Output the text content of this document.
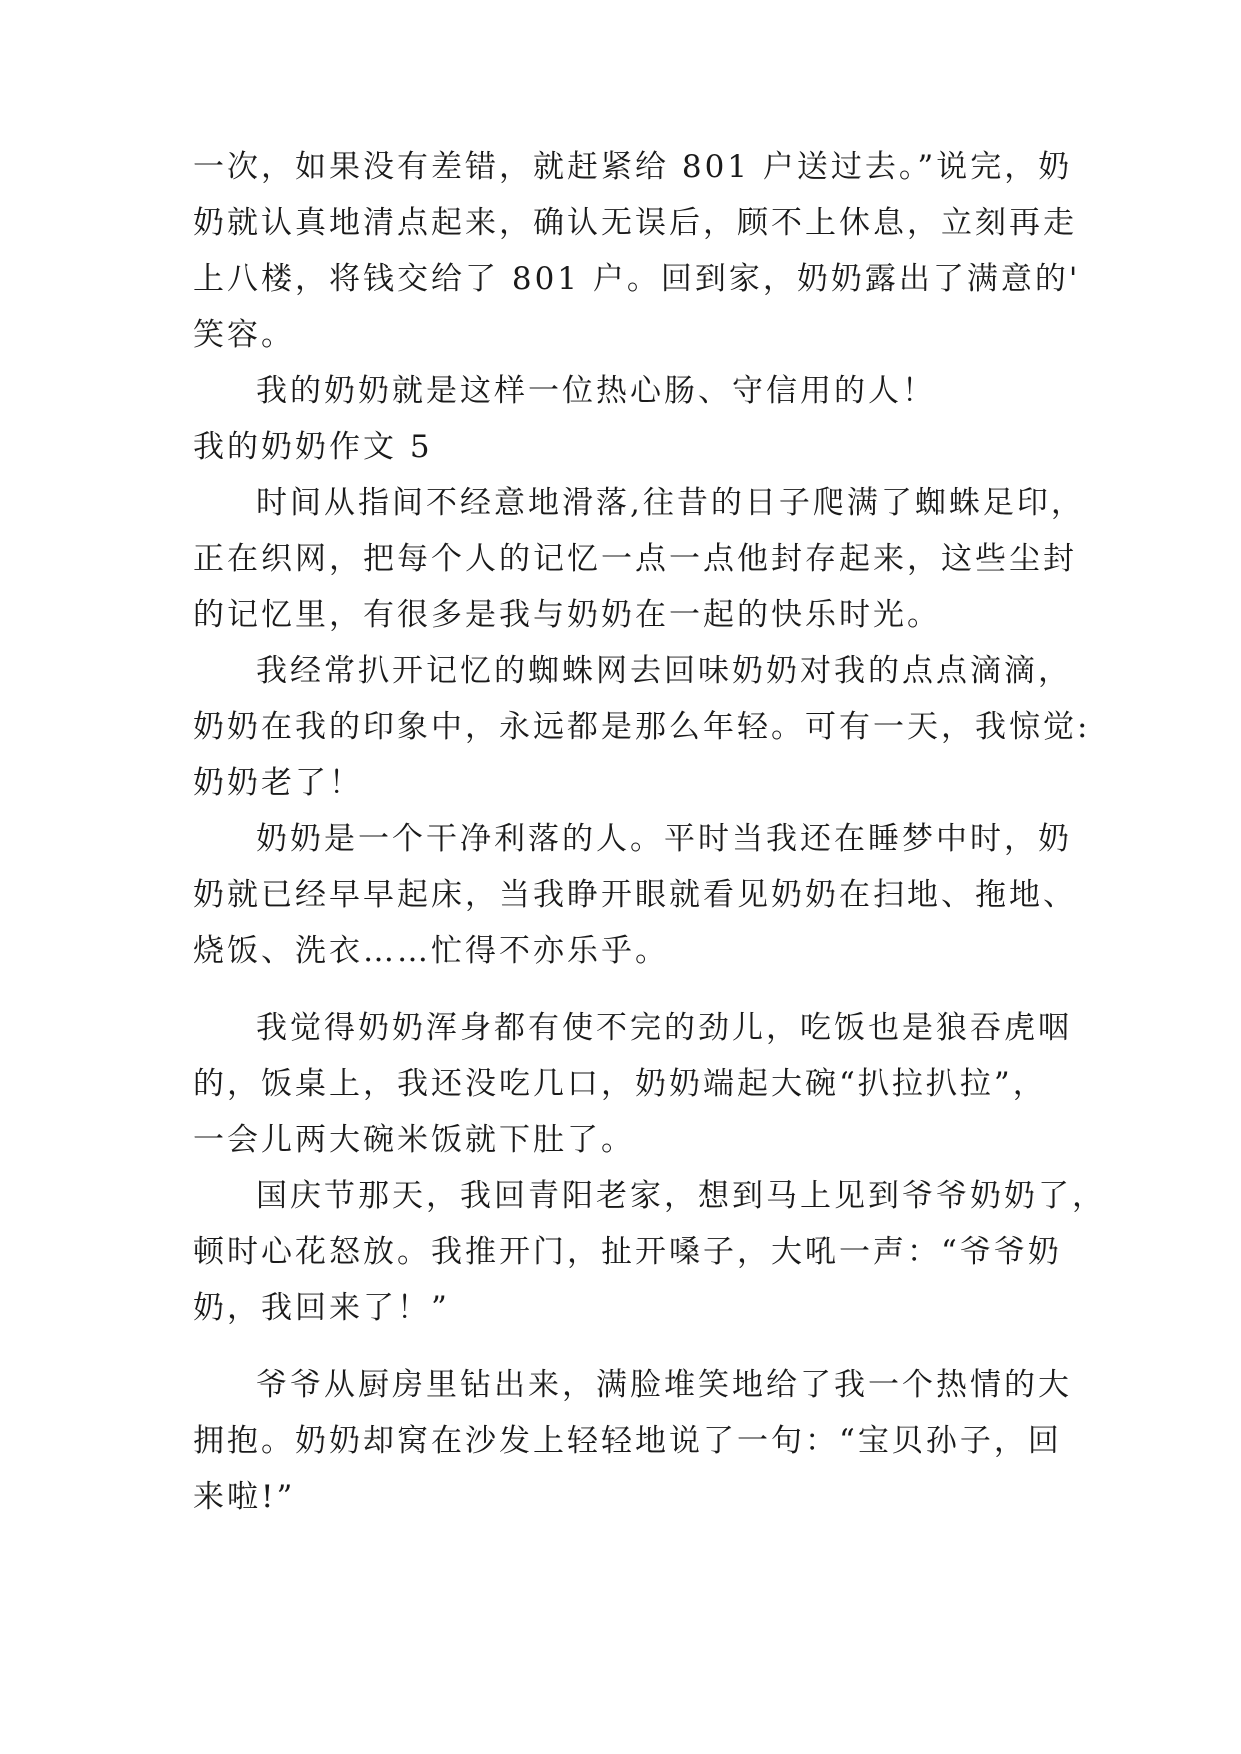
一次，如果没有差错，就赶紧给 801 户送过去。”说完，奶
奶就认真地清点起来，确认无误后，顾不上休息，立刻再走
上八楼，将钱交给了 801 户。回到家，奶奶露出了满意的'
笑容。
我的奶奶就是这样一位热心肠、守信用的人！
我的奶奶作文 5
时间从指间不经意地滑落,往昔的日子爬满了蜘蛛足印，
正在织网，把每个人的记忆一点一点他封存起来，这些尘封
的记忆里，有很多是我与奶奶在一起的快乐时光。
我经常扒开记忆的蜘蛛网去回味奶奶对我的点点滴滴，
奶奶在我的印象中，永远都是那么年轻。可有一天，我惊觉:
奶奶老了！
奶奶是一个干净利落的人。平时当我还在睡梦中时，奶
奶就已经早早起床，当我睁开眼就看见奶奶在扫地、拖地、
烧饭、洗衣……忙得不亦乐乎。
我觉得奶奶浑身都有使不完的劲儿，吃饭也是狼吞虎咽
的，饭桌上，我还没吃几口，奶奶端起大碗“扒拉扒拉”，
一会儿两大碗米饭就下肚了。
国庆节那天，我回青阳老家，想到马上见到爷爷奶奶了，
顿时心花怒放。我推开门，扯开嗓子，大吼一声：“爷爷奶
奶，我回来了！”
爷爷从厨房里钻出来，满脸堆笑地给了我一个热情的大
拥抱。奶奶却窝在沙发上轻轻地说了一句：“宝贝孙子，回
来啦!”
